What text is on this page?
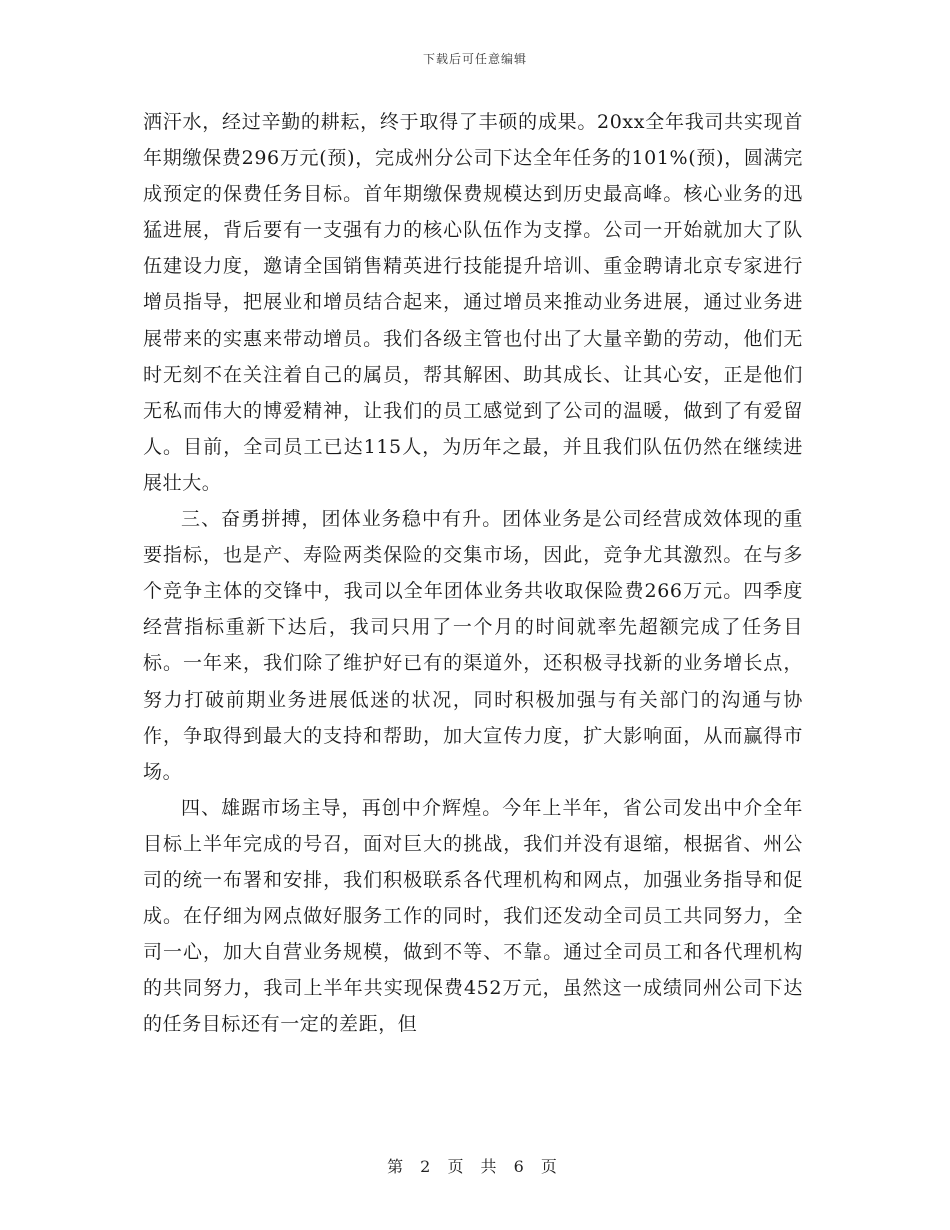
下载后可任意编辑

洒汗水，经过辛勤的耕耘，终于取得了丰硕的成果。20xx全年我司共实现首年期缴保费296万元(预)，完成州分公司下达全年任务的101%(预)，圆满完成预定的保费任务目标。首年期缴保费规模达到历史最高峰。核心业务的迅猛进展，背后要有一支强有力的核心队伍作为支撑。公司一开始就加大了队伍建设力度，邀请全国销售精英进行技能提升培训、重金聘请北京专家进行增员指导，把展业和增员结合起来，通过增员来推动业务进展，通过业务进展带来的实惠来带动增员。我们各级主管也付出了大量辛勤的劳动，他们无时无刻不在关注着自己的属员，帮其解困、助其成长、让其心安，正是他们无私而伟大的博爱精神，让我们的员工感觉到了公司的温暖，做到了有爱留人。目前，全司员工已达115人，为历年之最，并且我们队伍仍然在继续进展壮大。

三、奋勇拼搏，团体业务稳中有升。团体业务是公司经营成效体现的重要指标，也是产、寿险两类保险的交集市场，因此，竞争尤其激烈。在与多个竞争主体的交锋中，我司以全年团体业务共收取保险费266万元。四季度经营指标重新下达后，我司只用了一个月的时间就率先超额完成了任务目标。一年来，我们除了维护好已有的渠道外，还积极寻找新的业务增长点，努力打破前期业务进展低迷的状况，同时积极加强与有关部门的沟通与协作，争取得到最大的支持和帮助，加大宣传力度，扩大影响面，从而赢得市场。

四、雄踞市场主导，再创中介辉煌。今年上半年，省公司发出中介全年目标上半年完成的号召，面对巨大的挑战，我们并没有退缩，根据省、州公司的统一布署和安排，我们积极联系各代理机构和网点，加强业务指导和促成。在仔细为网点做好服务工作的同时，我们还发动全司员工共同努力，全司一心，加大自营业务规模，做到不等、不靠。通过全司员工和各代理机构的共同努力，我司上半年共实现保费452万元，虽然这一成绩同州公司下达的任务目标还有一定的差距，但

第 2 页 共 6 页
